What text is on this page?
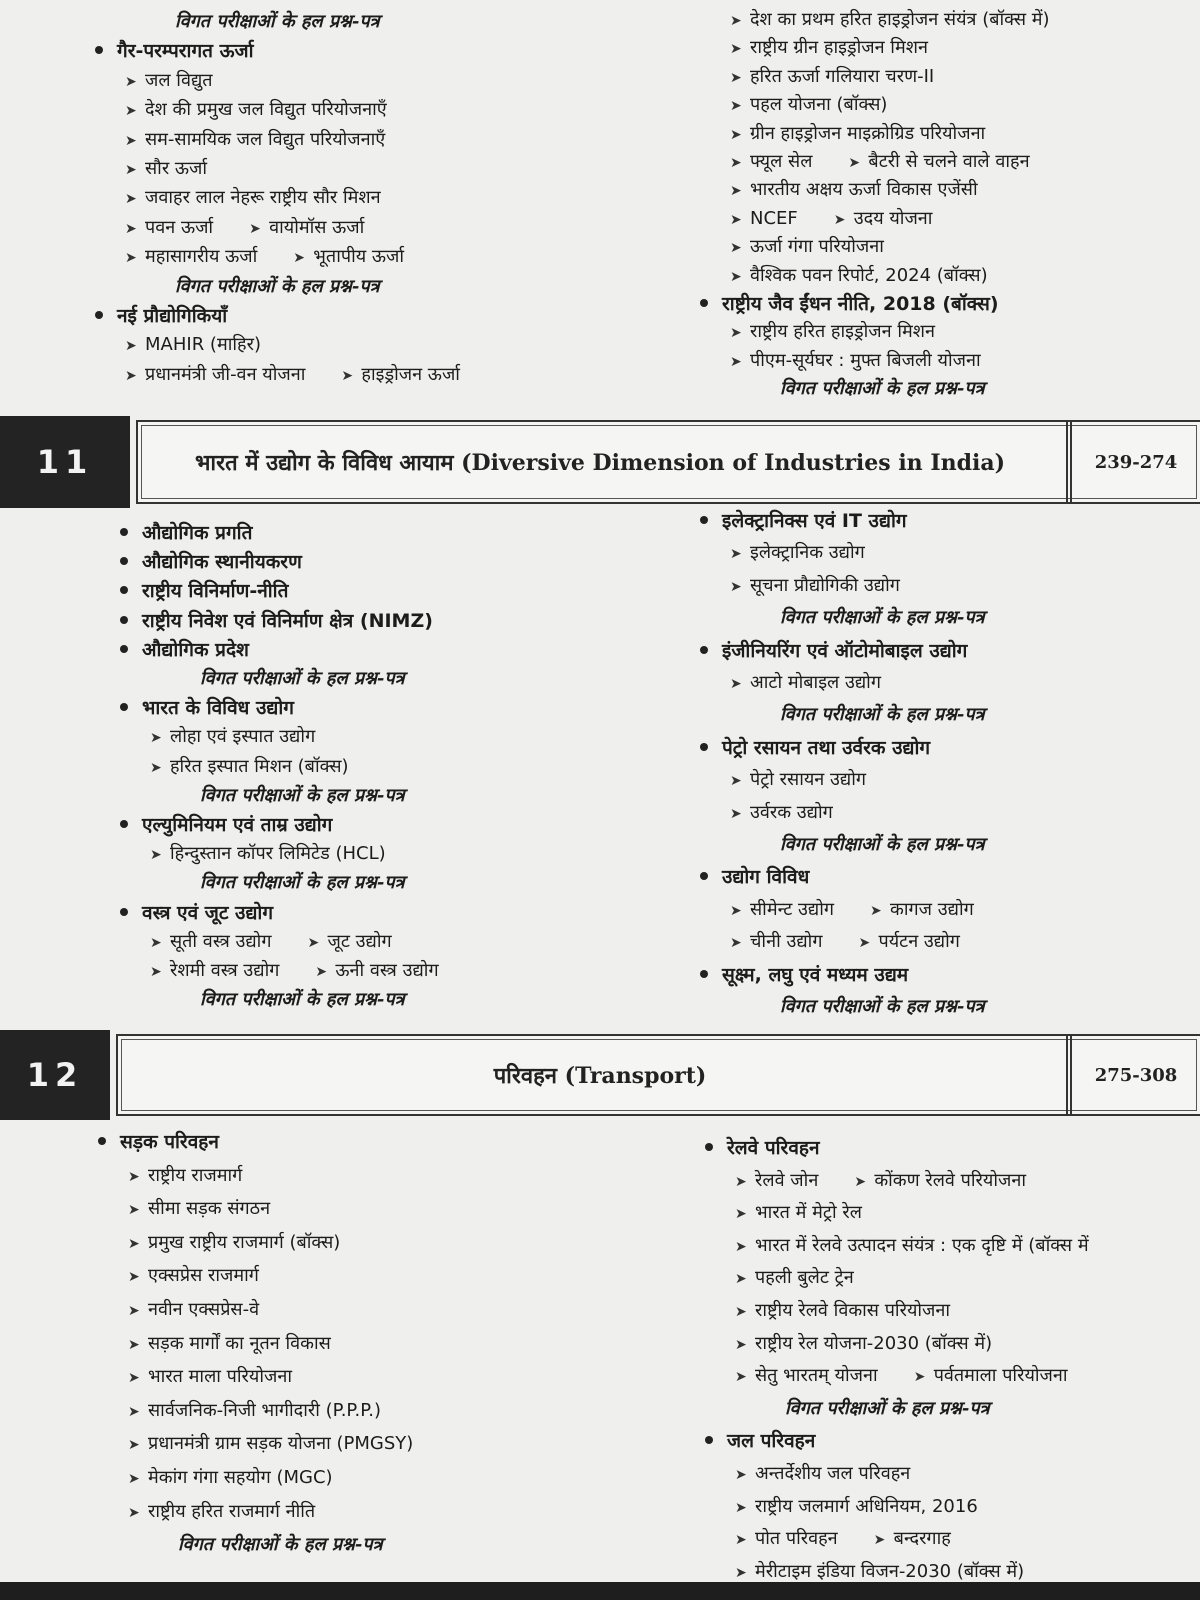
विगत परीक्षाओं के हल प्रश्न-पत्र
गैर-परम्परागत ऊर्जा
➤ जल विद्युत
➤ देश की प्रमुख जल विद्युत परियोजनाएँ
➤ सम-सामयिक जल विद्युत परियोजनाएँ
➤ सौर ऊर्जा
➤ जवाहर लाल नेहरू राष्ट्रीय सौर मिशन
➤ पवन ऊर्जा	➤ वायोमॉस ऊर्जा
➤ महासागरीय ऊर्जा	➤ भूतापीय ऊर्जा
विगत परीक्षाओं के हल प्रश्न-पत्र
नई प्रौद्योगिकियाँ
➤ MAHIR (माहिर)
➤ प्रधानमंत्री जी-वन योजना	➤ हाइड्रोजन ऊर्जा
➤ देश का प्रथम हरित हाइड्रोजन संयंत्र (बॉक्स में)
➤ राष्ट्रीय ग्रीन हाइड्रोजन मिशन
➤ हरित ऊर्जा गलियारा चरण-II
➤ पहल योजना (बॉक्स)
➤ ग्रीन हाइड्रोजन माइक्रोग्रिड परियोजना
➤ फ्यूल सेल	➤ बैटरी से चलने वाले वाहन
➤ भारतीय अक्षय ऊर्जा विकास एजेंसी
➤ NCEF	➤ उदय योजना
➤ ऊर्जा गंगा परियोजना
➤ वैश्विक पवन रिपोर्ट, 2024 (बॉक्स)
राष्ट्रीय जैव ईंधन नीति, 2018 (बॉक्स)
➤ राष्ट्रीय हरित हाइड्रोजन मिशन
➤ पीएम-सूर्यघर : मुफ्त बिजली योजना
विगत परीक्षाओं के हल प्रश्न-पत्र
11	भारत में उद्योग के विविध आयाम (Diversive Dimension of Industries in India)	239-274
औद्योगिक प्रगति
औद्योगिक स्थानीयकरण
राष्ट्रीय विनिर्माण-नीति
राष्ट्रीय निवेश एवं विनिर्माण क्षेत्र (NIMZ)
औद्योगिक प्रदेश
विगत परीक्षाओं के हल प्रश्न-पत्र
भारत के विविध उद्योग
➤ लोहा एवं इस्पात उद्योग
➤ हरित इस्पात मिशन (बॉक्स)
विगत परीक्षाओं के हल प्रश्न-पत्र
एल्युमिनियम एवं ताम्र उद्योग
➤ हिन्दुस्तान कॉपर लिमिटेड (HCL)
विगत परीक्षाओं के हल प्रश्न-पत्र
वस्त्र एवं जूट उद्योग
➤ सूती वस्त्र उद्योग	➤ जूट उद्योग
➤ रेशमी वस्त्र उद्योग	➤ ऊनी वस्त्र उद्योग
विगत परीक्षाओं के हल प्रश्न-पत्र
इलेक्ट्रानिक्स एवं IT उद्योग
➤ इलेक्ट्रानिक उद्योग
➤ सूचना प्रौद्योगिकी उद्योग
विगत परीक्षाओं के हल प्रश्न-पत्र
इंजीनियरिंग एवं ऑटोमोबाइल उद्योग
➤ आटो मोबाइल उद्योग
विगत परीक्षाओं के हल प्रश्न-पत्र
पेट्रो रसायन तथा उर्वरक उद्योग
➤ पेट्रो रसायन उद्योग
➤ उर्वरक उद्योग
विगत परीक्षाओं के हल प्रश्न-पत्र
उद्योग विविध
➤ सीमेन्ट उद्योग	➤ कागज उद्योग
➤ चीनी उद्योग	➤ पर्यटन उद्योग
सूक्ष्म, लघु एवं मध्यम उद्यम
विगत परीक्षाओं के हल प्रश्न-पत्र
12	परिवहन (Transport)	275-308
सड़क परिवहन
➤ राष्ट्रीय राजमार्ग
➤ सीमा सड़क संगठन
➤ प्रमुख राष्ट्रीय राजमार्ग (बॉक्स)
➤ एक्सप्रेस राजमार्ग
➤ नवीन एक्सप्रेस-वे
➤ सड़क मार्गों का नूतन विकास
➤ भारत माला परियोजना
➤ सार्वजनिक-निजी भागीदारी (P.P.P.)
➤ प्रधानमंत्री ग्राम सड़क योजना (PMGSY)
➤ मेकांग गंगा सहयोग (MGC)
➤ राष्ट्रीय हरित राजमार्ग नीति
विगत परीक्षाओं के हल प्रश्न-पत्र
रेलवे परिवहन
➤ रेलवे जोन	➤ कोंकण रेलवे परियोजना
➤ भारत में मेट्रो रेल
➤ भारत में रेलवे उत्पादन संयंत्र : एक दृष्टि में (बॉक्स में
➤ पहली बुलेट ट्रेन
➤ राष्ट्रीय रेलवे विकास परियोजना
➤ राष्ट्रीय रेल योजना-2030 (बॉक्स में)
➤ सेतु भारतम् योजना	➤ पर्वतमाला परियोजना
विगत परीक्षाओं के हल प्रश्न-पत्र
जल परिवहन
➤ अन्तर्देशीय जल परिवहन
➤ राष्ट्रीय जलमार्ग अधिनियम, 2016
➤ पोत परिवहन	➤ बन्दरगाह
➤ मेरीटाइम इंडिया विजन-2030 (बॉक्स में)
